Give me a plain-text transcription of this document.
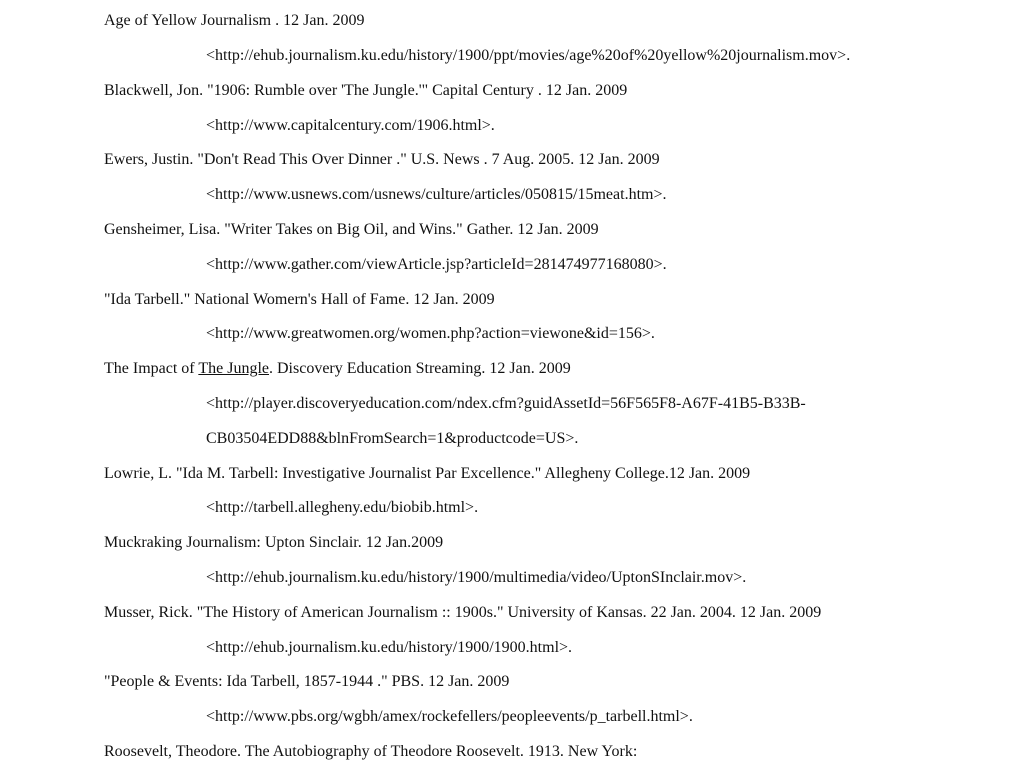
Age of Yellow Journalism . 12 Jan. 2009
<http://ehub.journalism.ku.edu/history/1900/ppt/movies/age%20of%20yellow%20journalism.mov>.
Blackwell, Jon. "1906: Rumble over 'The Jungle.'" Capital Century . 12 Jan. 2009
<http://www.capitalcentury.com/1906.html>.
Ewers, Justin. "Don't Read This Over Dinner ." U.S. News . 7 Aug. 2005. 12 Jan. 2009
<http://www.usnews.com/usnews/culture/articles/050815/15meat.htm>.
Gensheimer, Lisa. "Writer Takes on Big Oil, and Wins." Gather. 12 Jan. 2009
<http://www.gather.com/viewArticle.jsp?articleId=281474977168080>.
"Ida Tarbell." National Womern's Hall of Fame. 12 Jan. 2009
<http://www.greatwomen.org/women.php?action=viewone&id=156>.
The Impact of The Jungle. Discovery Education Streaming. 12 Jan. 2009
<http://player.discoveryeducation.com/ndex.cfm?guidAssetId=56F565F8-A67F-41B5-B33B-
CB03504EDD88&blnFromSearch=1&productcode=US>.
Lowrie, L. "Ida M. Tarbell: Investigative Journalist Par Excellence." Allegheny College.12 Jan. 2009
<http://tarbell.allegheny.edu/biobib.html>.
Muckraking Journalism: Upton Sinclair. 12 Jan.2009
<http://ehub.journalism.ku.edu/history/1900/multimedia/video/UptonSInclair.mov>.
Musser, Rick. "The History of American Journalism :: 1900s." University of Kansas. 22 Jan. 2004. 12 Jan. 2009
<http://ehub.journalism.ku.edu/history/1900/1900.html>.
"People & Events: Ida Tarbell, 1857-1944 ." PBS. 12 Jan. 2009
<http://www.pbs.org/wgbh/amex/rockefellers/peopleevents/p_tarbell.html>.
Roosevelt, Theodore. The Autobiography of Theodore Roosevelt. 1913. New York:
